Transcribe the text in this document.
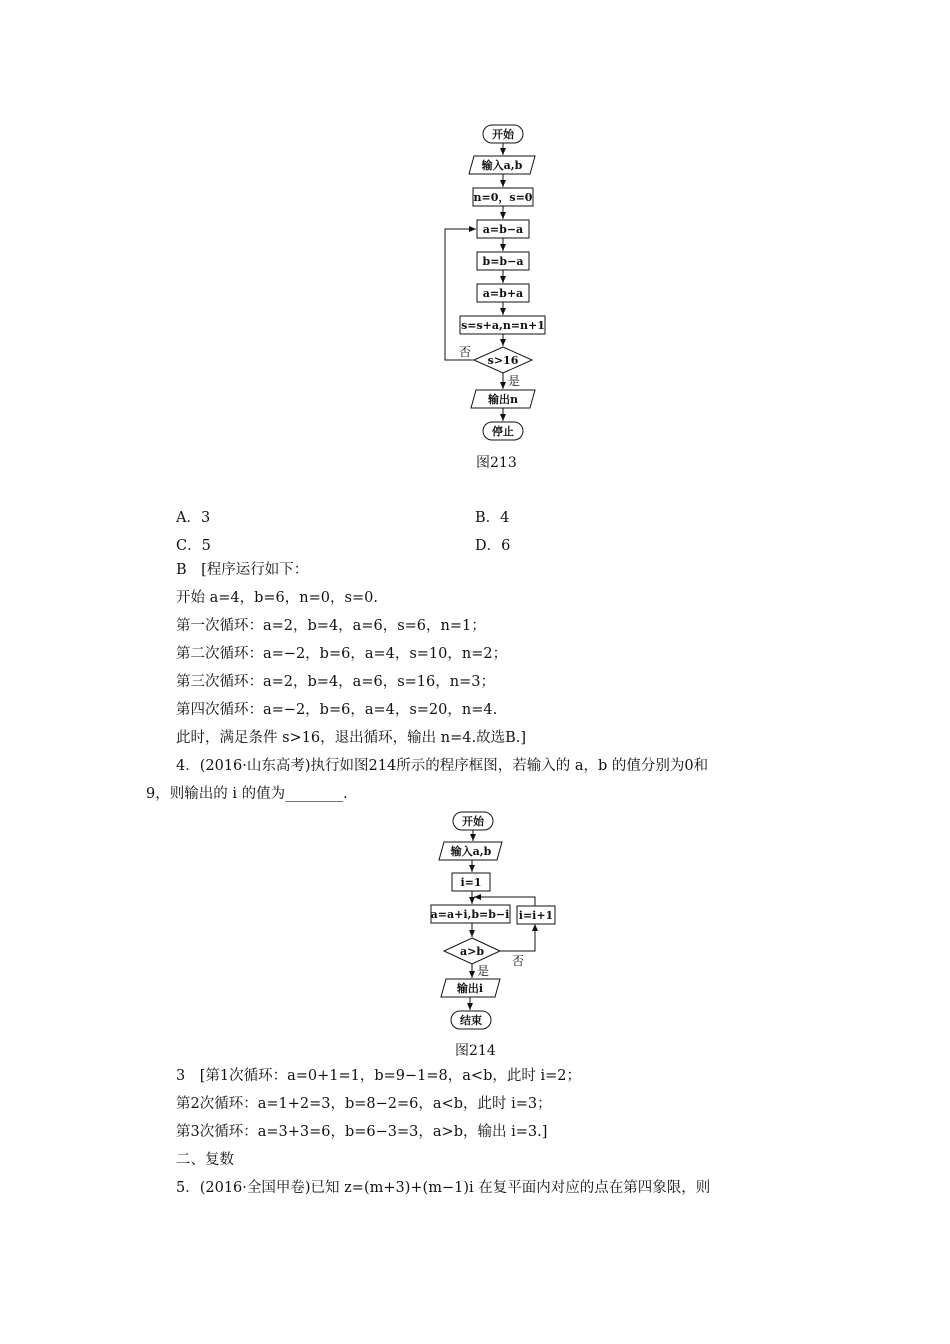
开始
输入a,b
n=0，s=0
a=b−a
b=b−a
a=b+a
s=s+a,n=n+1
s>16
否
是
输出n
停止
开始
输入a,b
i=1
a=a+i,b=b−i i=i+1
a>b
否
是
输出i
结束
图213
A．3	B．4
C．5	D．6
B　[程序运行如下：
开始 a=4，b=6，n=0，s=0.
第一次循环：a=2，b=4，a=6，s=6，n=1；
第二次循环：a=−2，b=6，a=4，s=10，n=2；
第三次循环：a=2，b=4，a=6，s=16，n=3；
第四次循环：a=−2，b=6，a=4，s=20，n=4.
此时，满足条件 s>16，退出循环，输出 n=4.故选B.]
4．(2016·山东高考)执行如图214所示的程序框图，若输入的 a，b 的值分别为0和
9，则输出的 i 的值为________.
图214
3　[第1次循环：a=0+1=1，b=9−1=8，a<b，此时 i=2；
第2次循环：a=1+2=3，b=8−2=6，a<b，此时 i=3；
第3次循环：a=3+3=6，b=6−3=3，a>b，输出 i=3.]
二、复数
5．(2016·全国甲卷)已知 z=(m+3)+(m−1)i 在复平面内对应的点在第四象限，则
